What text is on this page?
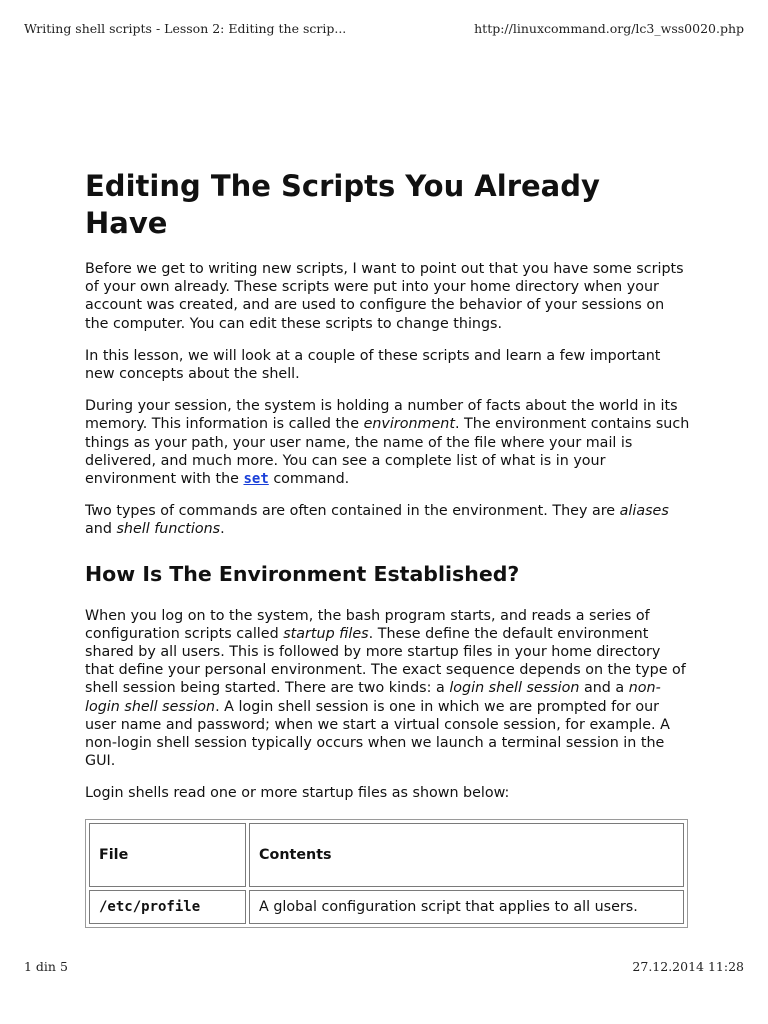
Writing shell scripts - Lesson 2: Editing the scrip...	http://linuxcommand.org/lc3_wss0020.php
Editing The Scripts You Already Have

Before we get to writing new scripts, I want to point out that you have some scripts of your own already. These scripts were put into your home directory when your account was created, and are used to configure the behavior of your sessions on the computer. You can edit these scripts to change things.

In this lesson, we will look at a couple of these scripts and learn a few important new concepts about the shell.

During your session, the system is holding a number of facts about the world in its memory. This information is called the environment. The environment contains such things as your path, your user name, the name of the file where your mail is delivered, and much more. You can see a complete list of what is in your environment with the set command.

Two types of commands are often contained in the environment. They are aliases and shell functions.

How Is The Environment Established?

When you log on to the system, the bash program starts, and reads a series of configuration scripts called startup files. These define the default environment shared by all users. This is followed by more startup files in your home directory that define your personal environment. The exact sequence depends on the type of shell session being started. There are two kinds: a login shell session and a non-login shell session. A login shell session is one in which we are prompted for our user name and password; when we start a virtual console session, for example. A non-login shell session typically occurs when we launch a terminal session in the GUI.

Login shells read one or more startup files as shown below:

File	Contents
/etc/profile	A global configuration script that applies to all users.
1 din 5	27.12.2014 11:28
